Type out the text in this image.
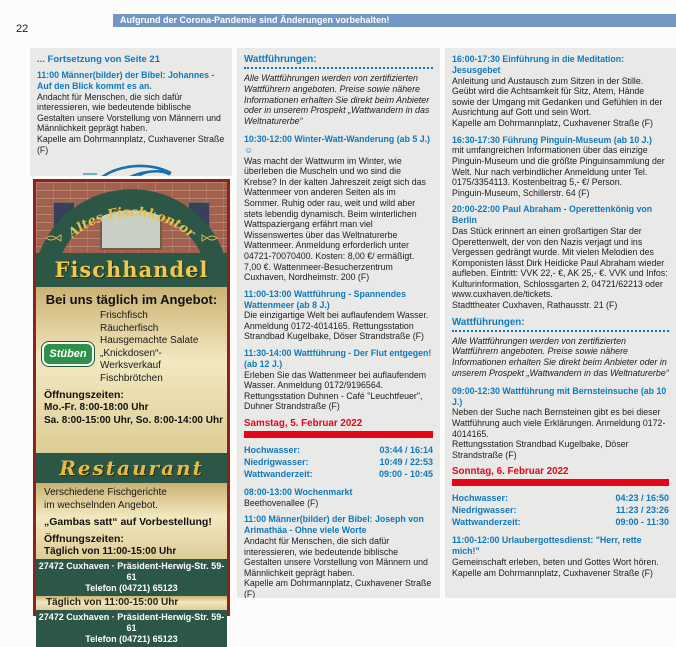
Aufgrund der Corona-Pandemie sind Änderungen vorbehalten!
22
... Fortsetzung von Seite 21
11:00 Männer(bilder) der Bibel: Johannes - Auf den Blick kommt es an.
Andacht für Menschen, die sich dafür interessieren, wie bedeutende biblische Gestalten unsere Vorstellung von Männern und Männlichkeit geprägt haben.
Kapelle am Dohrmannplatz, Cuxhavener Straße (F)
Altes Fischkontor
Fischhandel
Bei uns täglich im Angebot:
Frischfisch
Räucherfisch
Hausgemachte Salate
„Knickdosen“-
Werksverkauf
Fischbrötchen
Stüben
Öffnungszeiten:
Mo.-Fr. 8:00-18:00 Uhr
Sa. 8:00-15:00 Uhr, So. 8:00-14:00 Uhr
Restaurant
Verschiedene Fischgerichte
im wechselnden Angebot.
„Gambas satt“ auf Vorbestellung!
Öffnungszeiten:
Täglich von 11:00-15:00 Uhr
27472 Cuxhaven · Präsident-Herwig-Str. 59-61
Telefon (04721) 65123
Täglich von 11:00-15:00 Uhr
27472 Cuxhaven · Präsident-Herwig-Str. 59-61
Telefon (04721) 65123
Wattführungen:
Alle Wattführungen werden von zertifizierten Wattführern angeboten. Preise sowie nähere Informationen erhalten Sie direkt beim Anbieter oder in unserem Prospekt „Wattwandern in das Weltnaturerbe“
10:30-12:00 Winter-Watt-Wanderung (ab 5 J.) ☺
Was macht der Wattwurm im Winter, wie überleben die Muscheln und wo sind die Krebse? In der kalten Jahreszeit zeigt sich das Wattenmeer von anderen Seiten als im Sommer. Ruhig oder rau, weit und wild aber stets lebendig dynamisch. Beim winterlichen Wattspaziergang erfährt man viel Wissenswertes über das Weltnaturerbe Wattenmeer. Anmeldung erforderlich unter 04721-70070400. Kosten: 8,00 €/ ermäßigt. 7,00 €. Wattenmeer-Besucherzentrum Cuxhaven, Nordheimstr. 200 (F)
11:00-13:00 Wattführung - Spannendes Wattenmeer (ab 8 J.)
Die einzigartige Welt bei auflaufendem Wasser. Anmeldung 0172-4014165. Rettungsstation Strandbad Kugelbake, Döser Strandstraße (F)
11:30-14:00 Wattführung - Der Flut entgegen! (ab 12 J.)
Erleben Sie das Wattenmeer bei auflaufendem Wasser. Anmeldung 0172/9196564.
Rettungsstation Duhnen - Café "Leuchtfeuer", Duhner Strandstraße (F)
Samstag, 5. Februar 2022
Hochwasser:	03:44 / 16:14
Niedrigwasser:	10:49 / 22:53
Wattwanderzeit:	09:00 - 10:45
08:00-13:00 Wochenmarkt
Beethovenallee (F)
11:00 Männer(bilder) der Bibel: Joseph von Arimathäa - Ohne viele Worte
Andacht für Menschen, die sich dafür interessieren, wie bedeutende biblische Gestalten unsere Vorstellung von Männern und Männlichkeit geprägt haben.
Kapelle am Dohrmannplatz, Cuxhavener Straße (F)
16:00-17:30 Einführung in die Meditation: Jesusgebet
Anleitung und Austausch zum Sitzen in der Stille. Geübt wird die Achtsamkeit für Sitz, Atem, Hände sowie der Umgang mit Gedanken und Gefühlen in der Ausrichtung auf Gott und sein Wort.
Kapelle am Dohrmannplatz, Cuxhavener Straße (F)
16:30-17:30 Führung Pinguin-Museum (ab 10 J.)
mit umfangreichen Informationen über das einzige Pinguin-Museum und die größte Pinguinsammlung der Welt. Nur nach verbindlicher Anmeldung unter Tel. 0175/3354113. Kostenbeitrag 5,- €/ Person.
Pinguin-Museum, Schillerstr. 64 (F)
20:00-22:00 Paul Abraham - Operettenkönig von Berlin
Das Stück erinnert an einen großartigen Star der Operettenwelt, der von den Nazis verjagt und ins Vergessen gedrängt wurde. Mit vielen Melodien des Komponisten lässt Dirk Heidicke Paul Abraham wieder aufleben. Eintritt: VVK 22,- €, AK 25,- €. VVK und Infos: Kulturinformation, Schlossgarten 2, 04721/62213 oder www.cuxhaven.de/tickets.
Stadttheater Cuxhaven, Rathausstr. 21 (F)
Wattführungen:
Alle Wattführungen werden von zertifizierten Wattführern angeboten. Preise sowie nähere Informationen erhalten Sie direkt beim Anbieter oder in unserem Prospekt „Wattwandern in das Weltnaturerbe“
09:00-12:30 Wattführung mit Bernsteinsuche (ab 10 J.)
Neben der Suche nach Bernsteinen gibt es bei dieser Wattführung auch viele Erklärungen. Anmeldung 0172-4014165.
Rettungsstation Strandbad Kugelbake, Döser Strandstraße (F)
Sonntag, 6. Februar 2022
Hochwasser:	04:23 / 16:50
Niedrigwasser:	11:23 / 23:26
Wattwanderzeit:	09:00 - 11:30
11:00-12:00 Urlaubergottesdienst: "Herr, rette mich!"
Gemeinschaft erleben, beten und Gottes Wort hören.
Kapelle am Dohrmannplatz, Cuxhavener Straße (F)
